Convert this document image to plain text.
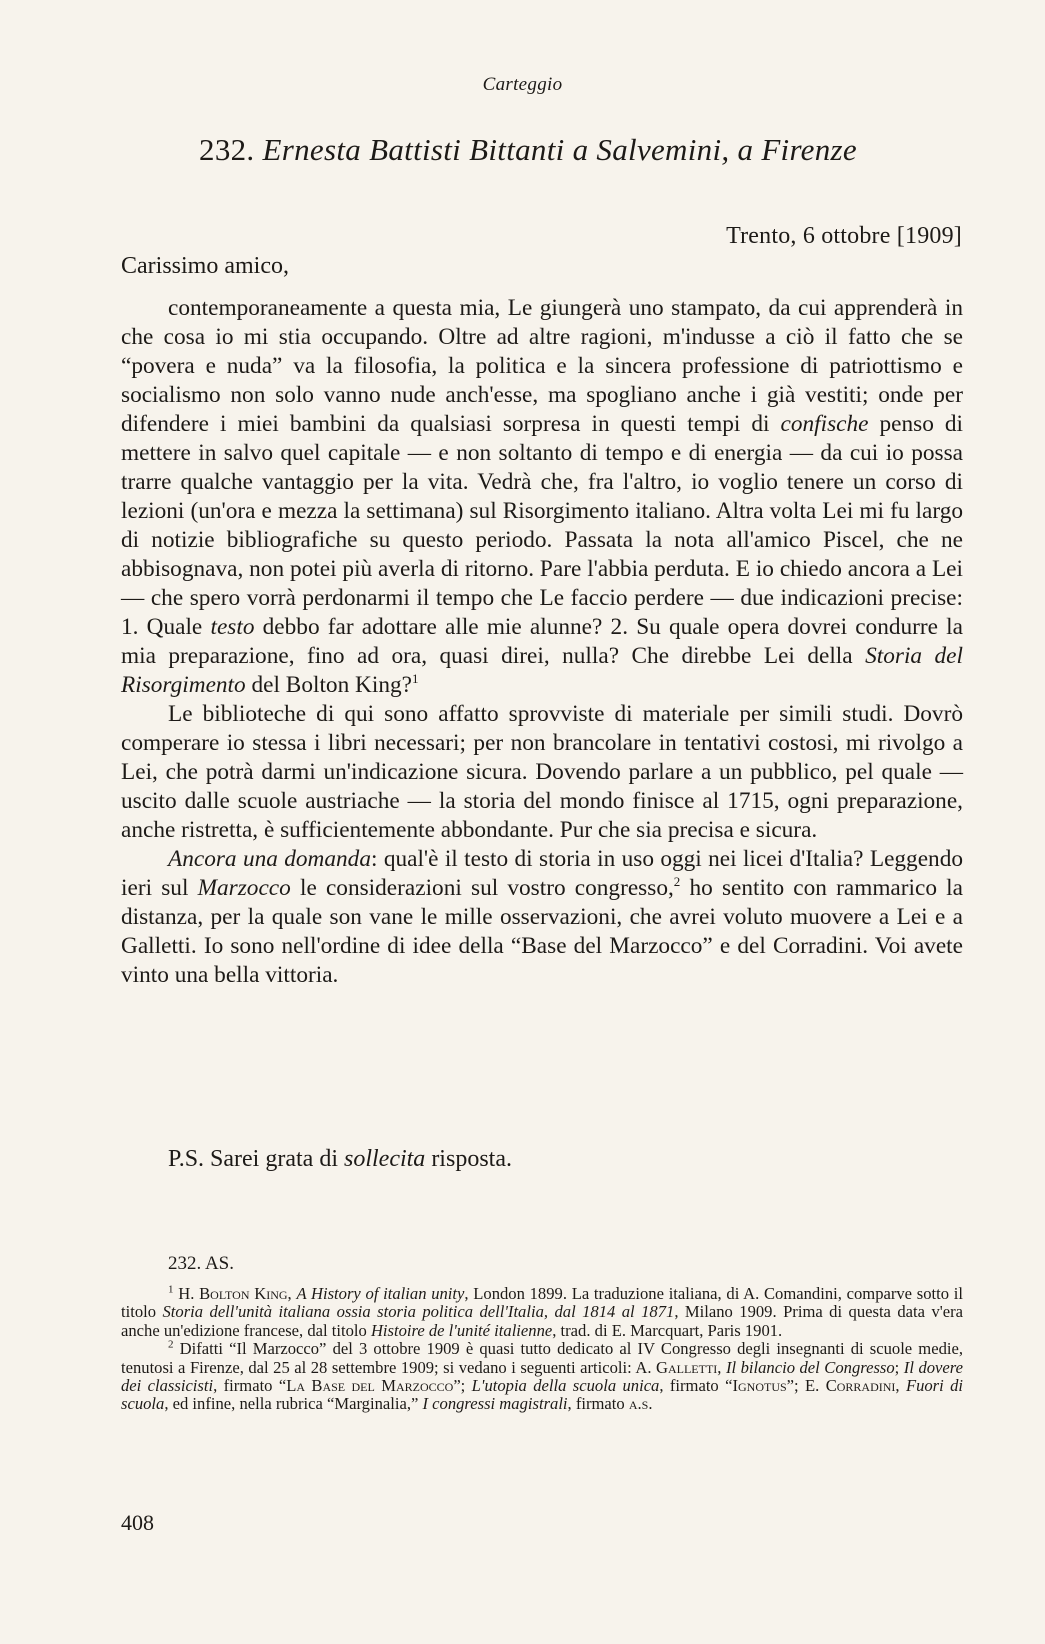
Carteggio
232. Ernesta Battisti Bittanti a Salvemini, a Firenze
Trento, 6 ottobre [1909]
Carissimo amico,

contemporaneamente a questa mia, Le giungerà uno stampato, da cui apprenderà in che cosa io mi stia occupando. Oltre ad altre ragioni, m'indusse a ciò il fatto che se “povera e nuda” va la filosofia, la politica e la sincera professione di patriottismo e socialismo non solo vanno nude anch'esse, ma spogliano anche i già vestiti; onde per difendere i miei bambini da qualsiasi sorpresa in questi tempi di confische penso di mettere in salvo quel capitale — e non soltanto di tempo e di energia — da cui io possa trarre qualche vantaggio per la vita. Vedrà che, fra l'altro, io voglio tenere un corso di lezioni (un'ora e mezza la settimana) sul Risorgimento italiano. Altra volta Lei mi fu largo di notizie bibliografiche su questo periodo. Passata la nota all'amico Piscel, che ne abbisognava, non potei più averla di ritorno. Pare l'abbia perduta. E io chiedo ancora a Lei — che spero vorrà perdonarmi il tempo che Le faccio perdere — due indicazioni precise: 1. Quale testo debbo far adottare alle mie alunne? 2. Su quale opera dovrei condurre la mia preparazione, fino ad ora, quasi direi, nulla? Che direbbe Lei della Storia del Risorgimento del Bolton King?$^1$

Le biblioteche di qui sono affatto sprovviste di materiale per simili studi. Dovrò comperare io stessa i libri necessari; per non brancolare in tentativi costosi, mi rivolgo a Lei, che potrà darmi un'indicazione sicura. Dovendo parlare a un pubblico, pel quale — uscito dalle scuole austriache — la storia del mondo finisce al 1715, ogni preparazione, anche ristretta, è sufficientemente abbondante. Pur che sia precisa e sicura.

Ancora una domanda: qual'è il testo di storia in uso oggi nei licei d'Italia? Leggendo ieri sul Marzocco le considerazioni sul vostro congresso,$^2$ ho sentito con rammarico la distanza, per la quale son vane le mille osservazioni, che avrei voluto muovere a Lei e a Galletti. Io sono nell'ordine di idee della “Base del Marzocco” e del Corradini. Voi avete vinto una bella vittoria.

P.S. Sarei grata di sollecita risposta.
232. AS.

$^1$ H. Bolton King, A History of italian unity, London 1899. La traduzione italiana, di A. Comandini, comparve sotto il titolo Storia dell'unità italiana ossia storia politica dell'Italia, dal 1814 al 1871, Milano 1909. Prima di questa data v'era anche un'edizione francese, dal titolo Histoire de l'unité italienne, trad. di E. Marcquart, Paris 1901.

$^2$ Difatti “Il Marzocco” del 3 ottobre 1909 è quasi tutto dedicato al IV Congresso degli insegnanti di scuole medie, tenutosi a Firenze, dal 25 al 28 settembre 1909; si vedano i seguenti articoli: A. Galletti, Il bilancio del Congresso; Il dovere dei classicisti, firmato “La Base del Marzocco”; L'utopia della scuola unica, firmato “Ignotus”; E. Corradini, Fuori di scuola, ed infine, nella rubrica “Marginalia,” I congressi magistrali, firmato a.s.

408
